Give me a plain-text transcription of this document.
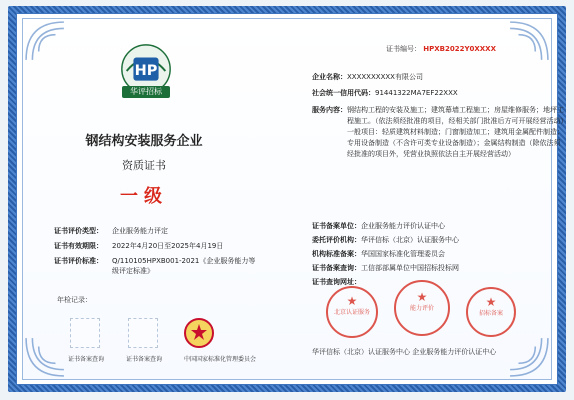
HP
华评招标
钢结构安装服务企业
资质证书
一级
证书评价类型：	企业服务能力评定
证书有效期限：	2022年4月20日至2025年4月19日
证书评价标准：	Q/110105HPXB001-2021《企业服务能力等级评定标准》
年检记录：
证书备案查询	证书备案查询	中国国家标准化管理委员会
证书编号： HPXB2022Y0XXXX
企业名称： XXXXXXXXXX有限公司
社会统一信用代码： 91441322MA7EF22XXX
服务内容： 钢结构工程的安装及施工；建筑幕墙工程施工；房屋维修服务；地坪工程施工。（依法须经批准的项目，经相关部门批准后方可开展经营活动）一般项目：轻质建筑材料制造；门窗制造加工；建筑用金属配件制造；专用设备制造（不含许可类专业设备制造）；金属结构制造（除依法须经批准的项目外，凭营业执照依法自主开展经营活动）
证书备案单位： 企业服务能力评价认证中心
委托评价机构： 华评信标（北京）认证服务中心
机构标准备案： 华国国家标准化管理委员会
证书备案查询： 工信部部属单位中国招标投标网
证书查询网址：
★
北京认证服务
★
能力评价	★
招标备案
华评信标（北京）认证服务中心 企业服务能力评价认证中心
